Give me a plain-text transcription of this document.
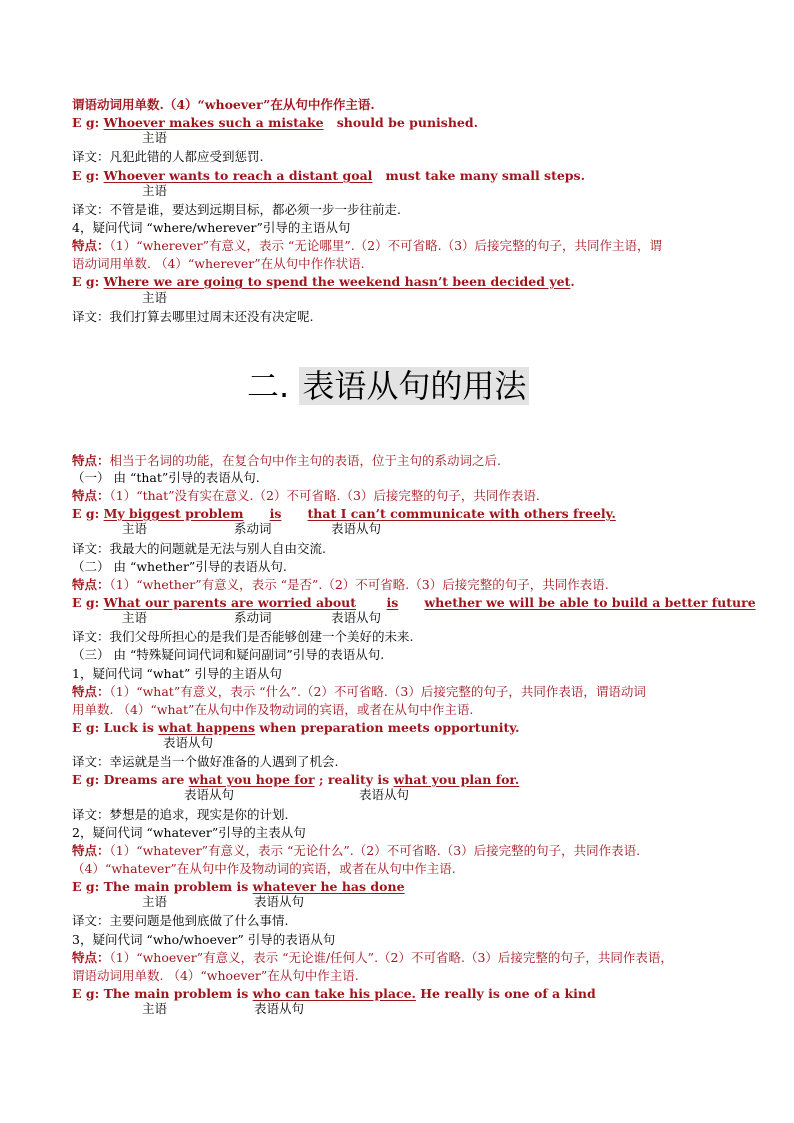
谓语动词用单数.（4）“whoever”在从句中作作主语.
E g: Whoever makes such a mistake should be punished.
主语
译文：凡犯此错的人都应受到惩罚.
E g: Whoever wants to reach a distant goal must take many small steps.
主语
译文：不管是谁，要达到远期目标，都必须一步一步往前走.
4，疑问代词 “where/wherever”引导的主语从句
特点：（1）“wherever”有意义，表示 “无论哪里”.（2）不可省略.（3）后接完整的句子，共同作主语，谓
语动词用单数. （4）“wherever”在从句中作作状语.
E g: Where we are going to spend the weekend hasn’t been decided yet.
主语
译文：我们打算去哪里过周末还没有决定呢.
二. 表语从句的用法
特点：相当于名词的功能，在复合句中作主句的表语，位于主句的系动词之后.
（一） 由 “that”引导的表语从句.
特点：（1）“that”没有实在意义.（2）不可省略.（3）后接完整的句子，共同作表语.
E g: My biggest problem is that I can’t communicate with others freely.
主语	系动词	表语从句
译文：我最大的问题就是无法与别人自由交流.
（二） 由 “whether”引导的表语从句.
特点：（1）“whether”有意义，表示 “是否”.（2）不可省略.（3）后接完整的句子，共同作表语.
E g: What our parents are worried about is whether we will be able to build a better future
主语	系动词	表语从句
译文：我们父母所担心的是我们是否能够创建一个美好的未来.
（三） 由 “特殊疑问词代词和疑问副词”引导的表语从句.
1，疑问代词 “what” 引导的主语从句
特点：（1）“what”有意义，表示 “什么”.（2）不可省略.（3）后接完整的句子，共同作表语，谓语动词
用单数. （4）“what”在从句中作及物动词的宾语，或者在从句中作主语.
E g: Luck is what happens when preparation meets opportunity.
表语从句
译文：幸运就是当一个做好准备的人遇到了机会.
E g: Dreams are what you hope for ; reality is what you plan for.
表语从句	表语从句
译文：梦想是的追求，现实是你的计划.
2，疑问代词 “whatever”引导的主表从句
特点：（1）“whatever”有意义，表示 “无论什么”.（2）不可省略.（3）后接完整的句子，共同作表语.
（4）“whatever”在从句中作及物动词的宾语，或者在从句中作主语.
E g: The main problem is whatever he has done
主语	表语从句
译文：主要问题是他到底做了什么事情.
3，疑问代词 “who/whoever” 引导的表语从句
特点：（1）“whoever”有意义，表示 “无论谁/任何人”.（2）不可省略.（3）后接完整的句子，共同作表语，
谓语动词用单数. （4）“whoever”在从句中作主语.
E g: The main problem is who can take his place. He really is one of a kind
主语	表语从句
